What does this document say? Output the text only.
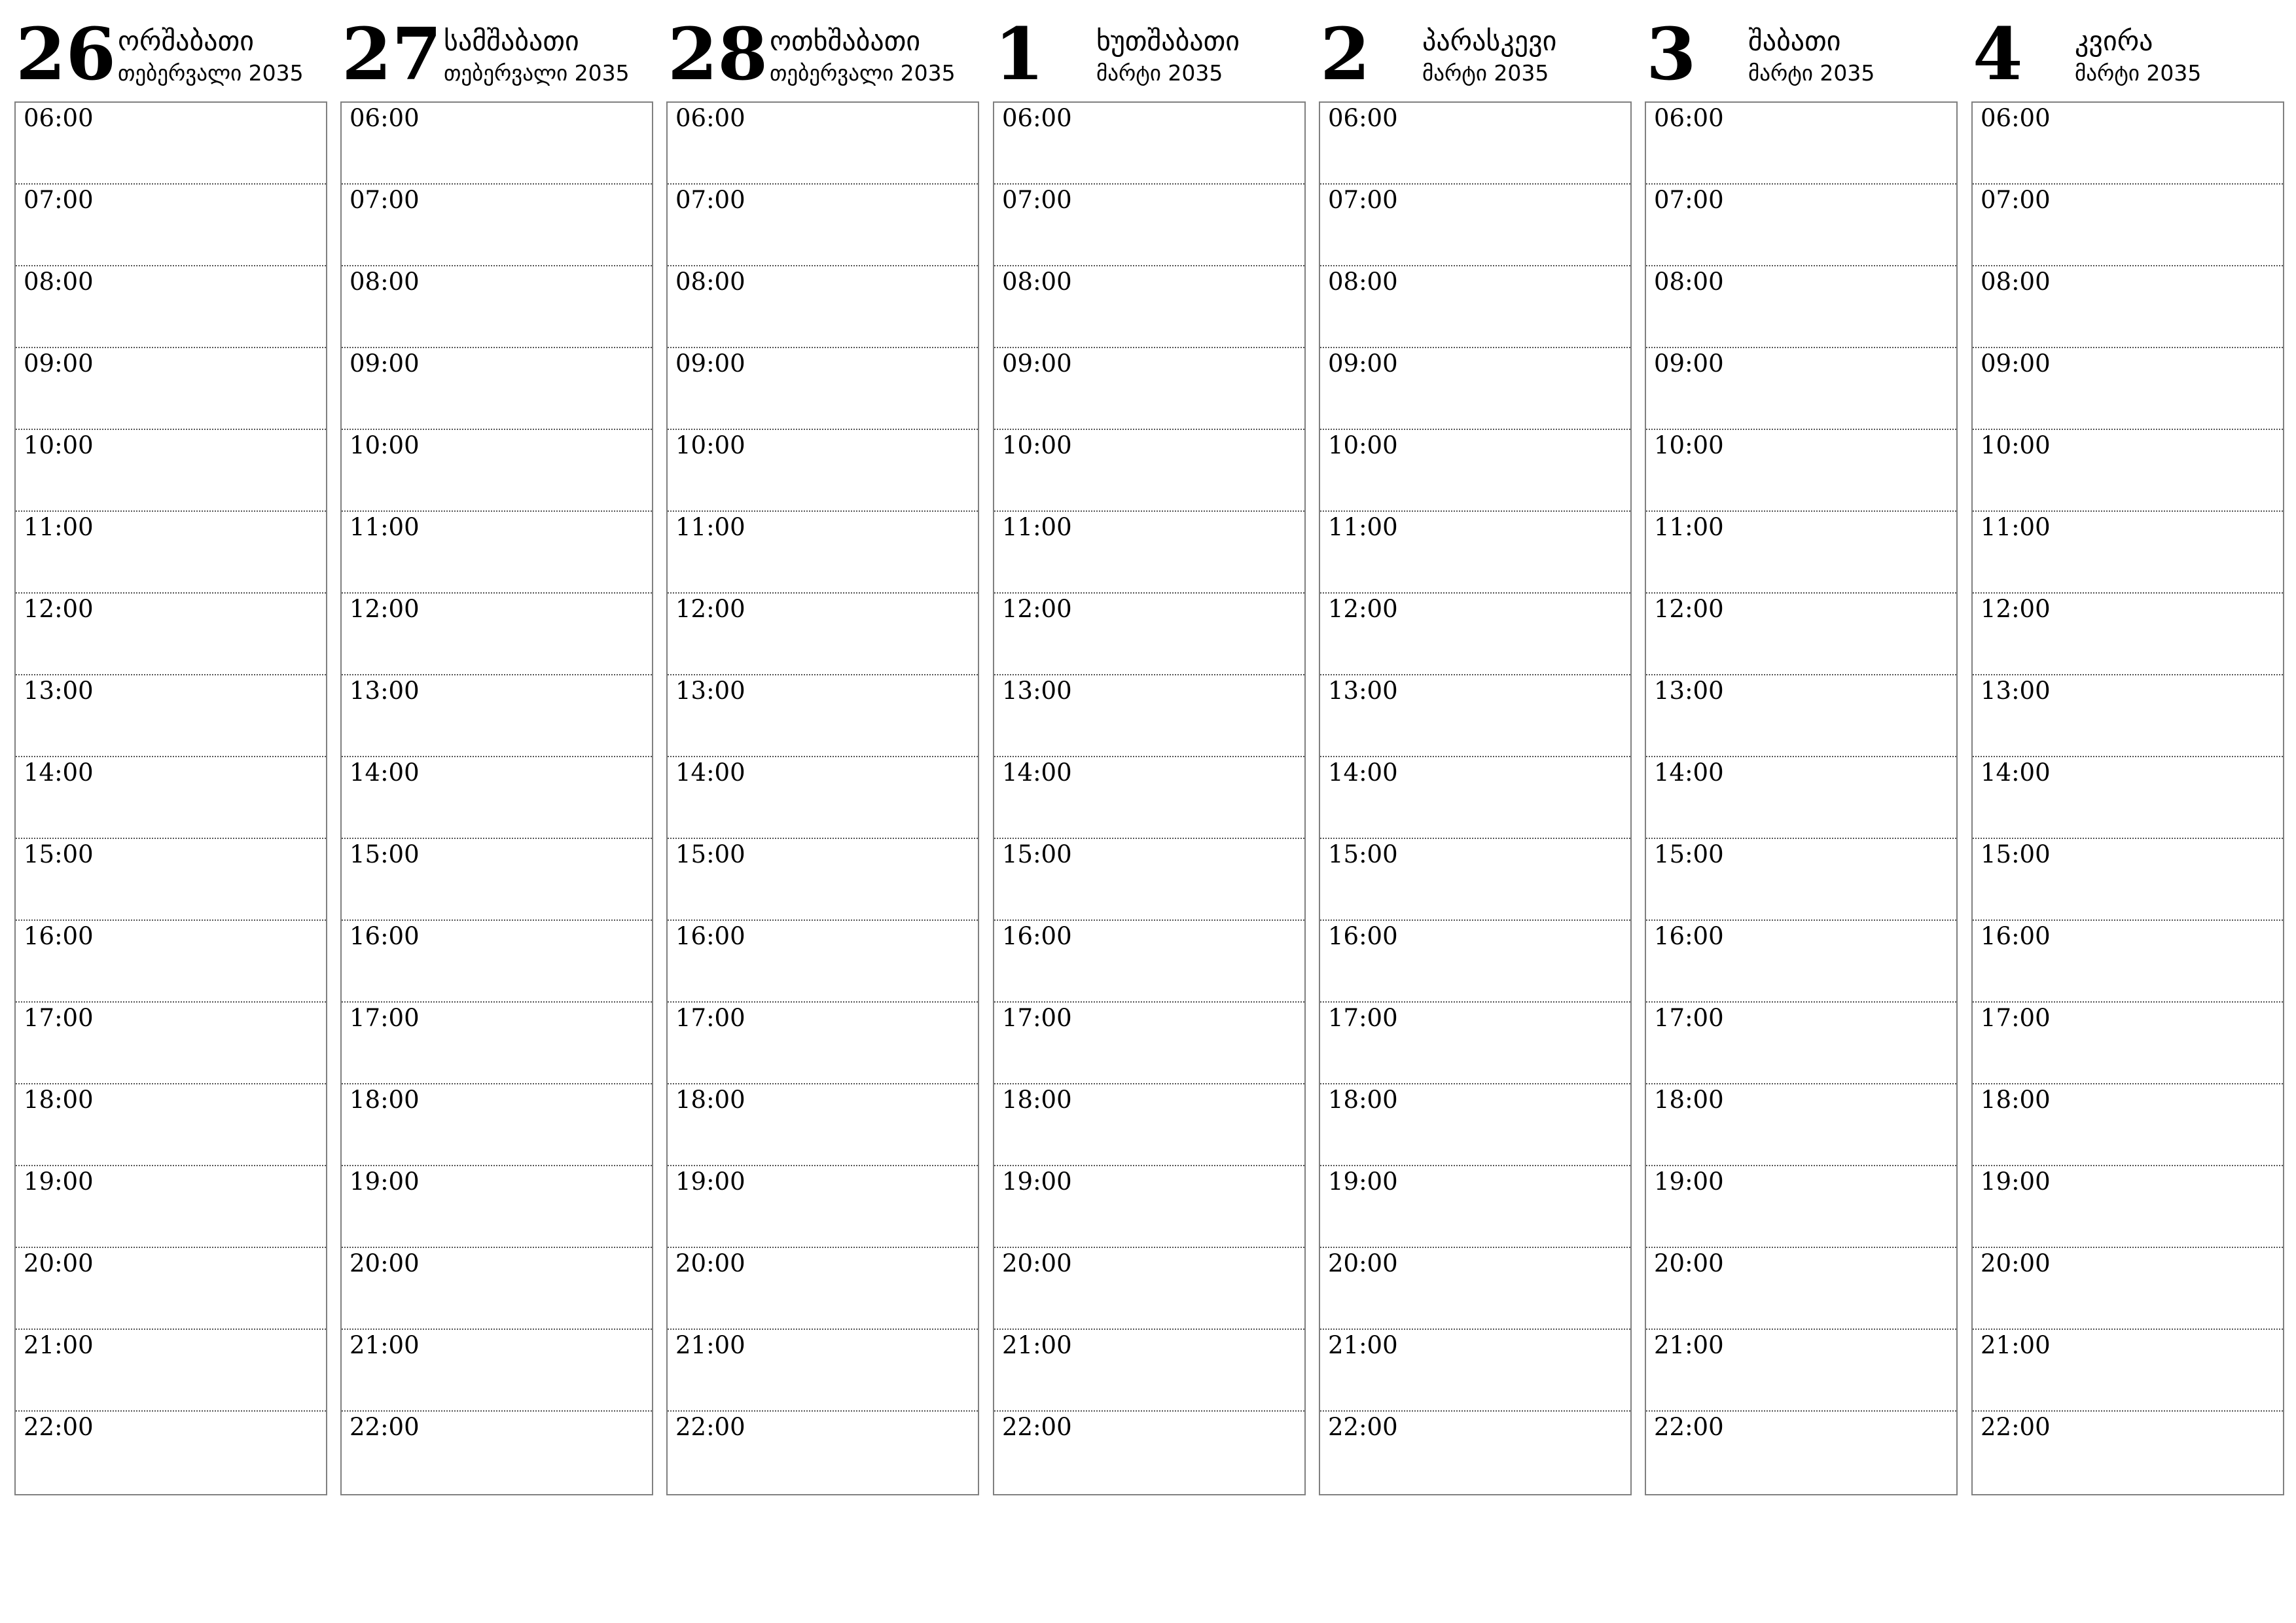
26 ორშაბათი
თებერვალი 2035
06:00
07:00
08:00
09:00
10:00
11:00
12:00
13:00
14:00
15:00
16:00
17:00
18:00
19:00
20:00
21:00
22:00
27 სამშაბათი
თებერვალი 2035
06:00
07:00
08:00
09:00
10:00
11:00
12:00
13:00
14:00
15:00
16:00
17:00
18:00
19:00
20:00
21:00
22:00
28 ოთხშაბათი
თებერვალი 2035
06:00
07:00
08:00
09:00
10:00
11:00
12:00
13:00
14:00
15:00
16:00
17:00
18:00
19:00
20:00
21:00
22:00
1 ხუთშაბათი
მარტი 2035
06:00
07:00
08:00
09:00
10:00
11:00
12:00
13:00
14:00
15:00
16:00
17:00
18:00
19:00
20:00
21:00
22:00
2 პარასკევი
მარტი 2035
06:00
07:00
08:00
09:00
10:00
11:00
12:00
13:00
14:00
15:00
16:00
17:00
18:00
19:00
20:00
21:00
22:00
3 შაბათი
მარტი 2035
06:00
07:00
08:00
09:00
10:00
11:00
12:00
13:00
14:00
15:00
16:00
17:00
18:00
19:00
20:00
21:00
22:00
4 კვირა
მარტი 2035
06:00
07:00
08:00
09:00
10:00
11:00
12:00
13:00
14:00
15:00
16:00
17:00
18:00
19:00
20:00
21:00
22:00
